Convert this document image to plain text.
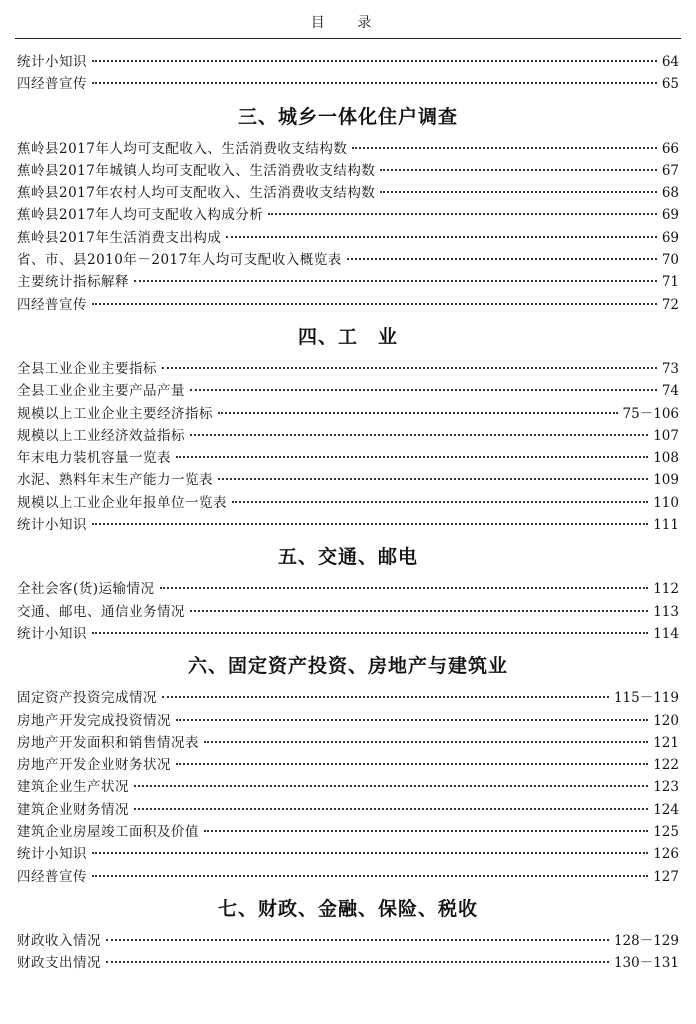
目 录
统计小知识	64
四经普宣传	65
三、城乡一体化住户调查
蕉岭县2017年人均可支配收入、生活消费收支结构数	66
蕉岭县2017年城镇人均可支配收入、生活消费收支结构数	67
蕉岭县2017年农村人均可支配收入、生活消费收支结构数	68
蕉岭县2017年人均可支配收入构成分析	69
蕉岭县2017年生活消费支出构成	69
省、市、县2010年－2017年人均可支配收入概览表	70
主要统计指标解释	71
四经普宣传	72
四、工　业
全县工业企业主要指标	73
全县工业企业主要产品产量	74
规模以上工业企业主要经济指标	75－106
规模以上工业经济效益指标	107
年末电力装机容量一览表	108
水泥、熟料年末生产能力一览表	109
规模以上工业企业年报单位一览表	110
统计小知识	111
五、交通、邮电
全社会客(货)运输情况	112
交通、邮电、通信业务情况	113
统计小知识	114
六、固定资产投资、房地产与建筑业
固定资产投资完成情况	115－119
房地产开发完成投资情况	120
房地产开发面积和销售情况表	121
房地产开发企业财务状况	122
建筑企业生产状况	123
建筑企业财务情况	124
建筑企业房屋竣工面积及价值	125
统计小知识	126
四经普宣传	127
七、财政、金融、保险、税收
财政收入情况	128－129
财政支出情况	130－131
